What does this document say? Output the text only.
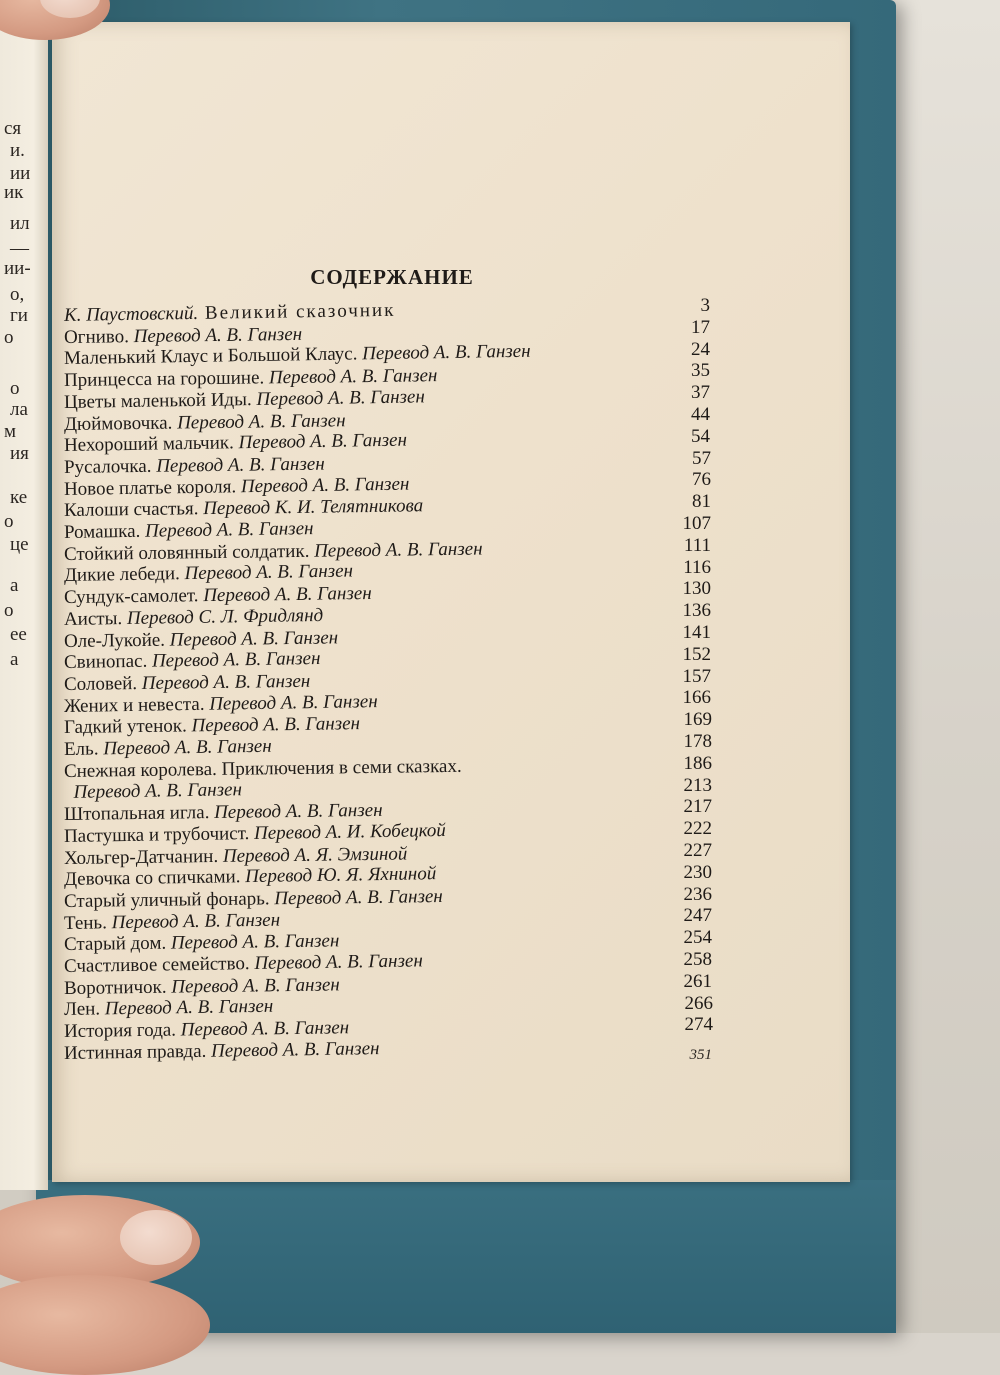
ся
и.
ии
ик
ил
—
ии-
о,
ги
о
о
ла
м
ия
ке
о
це
а
о
ее
а
СОДЕРЖАНИЕ
К. Паустовский. Великий сказочник
Огниво. Перевод А. В. Ганзен
Маленький Клаус и Большой Клаус. Перевод А. В. Ганзен
Принцесса на горошине. Перевод А. В. Ганзен
Цветы маленькой Иды. Перевод А. В. Ганзен
Дюймовочка. Перевод А. В. Ганзен
Нехороший мальчик. Перевод А. В. Ганзен
Русалочка. Перевод А. В. Ганзен
Новое платье короля. Перевод А. В. Ганзен
Калоши счастья. Перевод К. И. Телятникова
Ромашка. Перевод А. В. Ганзен
Стойкий оловянный солдатик. Перевод А. В. Ганзен
Дикие лебеди. Перевод А. В. Ганзен
Сундук-самолет. Перевод А. В. Ганзен
Аисты. Перевод С. Л. Фридлянд
Оле-Лукойе. Перевод А. В. Ганзен
Свинопас. Перевод А. В. Ганзен
Соловей. Перевод А. В. Ганзен
Жених и невеста. Перевод А. В. Ганзен
Гадкий утенок. Перевод А. В. Ганзен
Ель. Перевод А. В. Ганзен
Снежная королева. Приключения в семи сказках.
Перевод А. В. Ганзен
Штопальная игла. Перевод А. В. Ганзен
Пастушка и трубочист. Перевод А. И. Кобецкой
Хольгер-Датчанин. Перевод А. Я. Эмзиной
Девочка со спичками. Перевод Ю. Я. Яхниной
Старый уличный фонарь. Перевод А. В. Ганзен
Тень. Перевод А. В. Ганзен
Старый дом. Перевод А. В. Ганзен
Счастливое семейство. Перевод А. В. Ганзен
Воротничок. Перевод А. В. Ганзен
Лен. Перевод А. В. Ганзен
История года. Перевод А. В. Ганзен
Истинная правда. Перевод А. В. Ганзен
3
17
24
35
37
44
54
57
76
81
107
111
116
130
136
141
152
157
166
169
178
186
213
217
222
227
230
236
247
254
258
261
266
274
351
